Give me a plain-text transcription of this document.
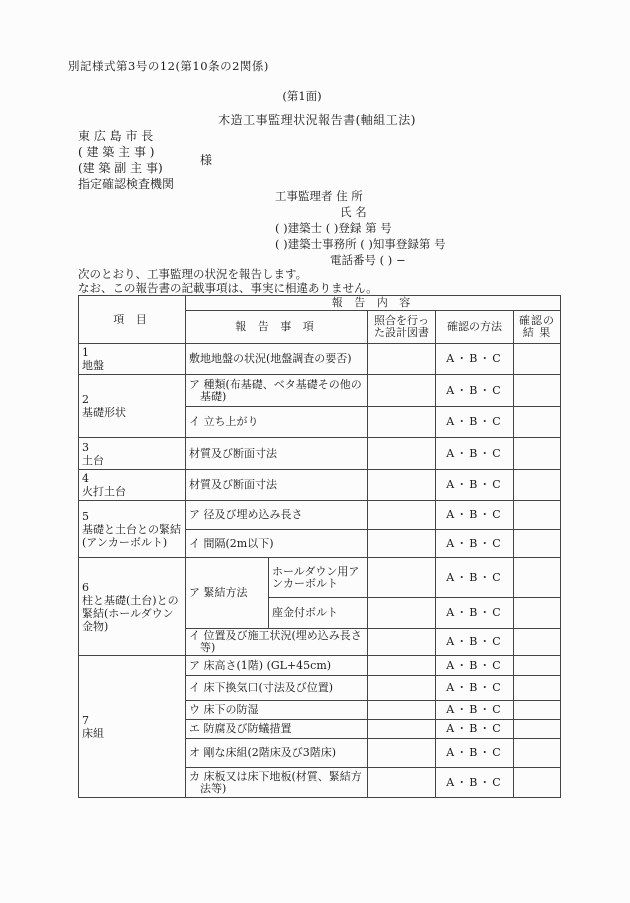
別記様式第3号の12(第10条の2関係)
(第1面)
木造工事監理状況報告書(軸組工法)
東 広 島 市 長
( 建 築 主 事 )
(建 築 副 主 事)
指定確認検査機関
様
工事監理者 住 所
氏 名
( )建築士 ( )登録 第 号
( )建築士事務所 ( )知事登録第 号
電話番号 ( ) −
次のとおり、工事監理の状況を報告します。
なお、この報告書の記載事項は、事実に相違ありません。
項 目	報 告 内 容				
	報 告 事 項		照合を行った設計図書	確認の方法	確認の
結 果

1
地盤	敷地地盤の状況(地盤調査の要否)			A・B・C	

2
基礎形状	ア 種類(布基礎、ベタ基礎その他の基礎)			A・B・C	
	イ 立ち上がり			A・B・C	

3
土台	材質及び断面寸法			A・B・C	

4
火打土台	材質及び断面寸法			A・B・C	

5
基礎と土台との緊結(アンカーボルト)	ア 径及び埋め込み長さ			A・B・C	
	イ 間隔(2m以下)			A・B・C	

6
柱と基礎(土台)との緊結(ホールダウン金物)	ア 緊結方法	ホールダウン用アンカーボルト		A・B・C	
		座金付ボルト		A・B・C	
	イ 位置及び施工状況(埋め込み長さ等)			A・B・C	

7
床組	ア 床高さ(1階) (GL+45cm)			A・B・C	
	イ 床下換気口(寸法及び位置)			A・B・C	
	ウ 床下の防湿			A・B・C	
	エ 防腐及び防蟻措置			A・B・C	
	オ 剛な床組(2階床及び3階床)			A・B・C	
	カ 床板又は床下地板(材質、緊結方法等)			A・B・C	
